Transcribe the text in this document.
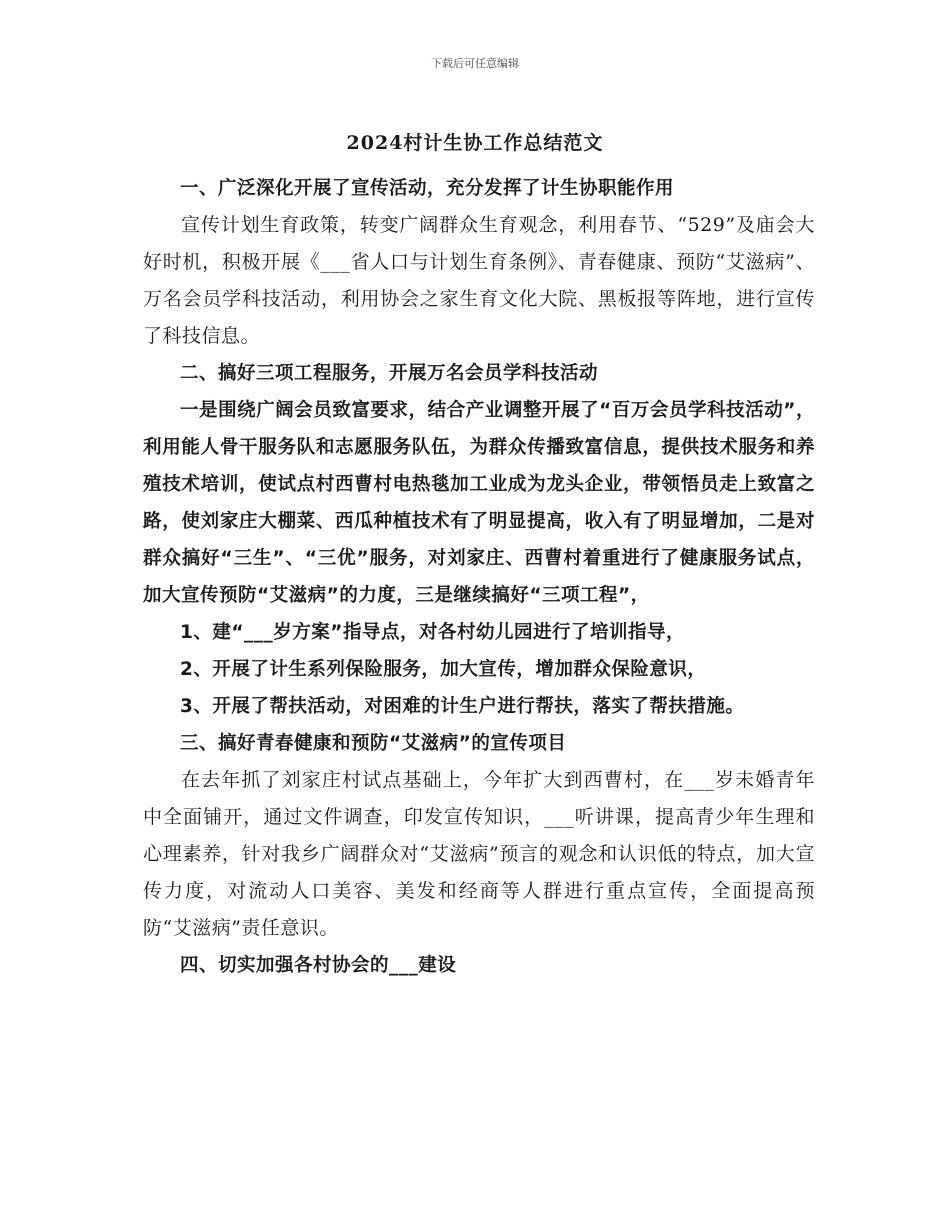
下载后可任意编辑
2024村计生协工作总结范文

一、广泛深化开展了宣传活动，充分发挥了计生协职能作用

宣传计划生育政策，转变广阔群众生育观念，利用春节、“529”及庙会大好时机，积极开展《___省人口与计划生育条例》、青春健康、预防“艾滋病”、万名会员学科技活动，利用协会之家生育文化大院、黑板报等阵地，进行宣传了科技信息。

二、搞好三项工程服务，开展万名会员学科技活动

一是围绕广阔会员致富要求，结合产业调整开展了“百万会员学科技活动”，利用能人骨干服务队和志愿服务队伍，为群众传播致富信息，提供技术服务和养殖技术培训，使试点村西曹村电热毯加工业成为龙头企业，带领悟员走上致富之路，使刘家庄大棚菜、西瓜种植技术有了明显提高，收入有了明显增加，二是对群众搞好“三生”、“三优”服务，对刘家庄、西曹村着重进行了健康服务试点，加大宣传预防“艾滋病”的力度，三是继续搞好“三项工程”，

1、建“___岁方案”指导点，对各村幼儿园进行了培训指导，

2、开展了计生系列保险服务，加大宣传，增加群众保险意识，

3、开展了帮扶活动，对困难的计生户进行帮扶，落实了帮扶措施。

三、搞好青春健康和预防“艾滋病”的宣传项目

在去年抓了刘家庄村试点基础上，今年扩大到西曹村，在___岁未婚青年中全面铺开，通过文件调查，印发宣传知识，___听讲课，提高青少年生理和心理素养，针对我乡广阔群众对“艾滋病”预言的观念和认识低的特点，加大宣传力度，对流动人口美容、美发和经商等人群进行重点宣传，全面提高预防“艾滋病”责任意识。

四、切实加强各村协会的___建设
